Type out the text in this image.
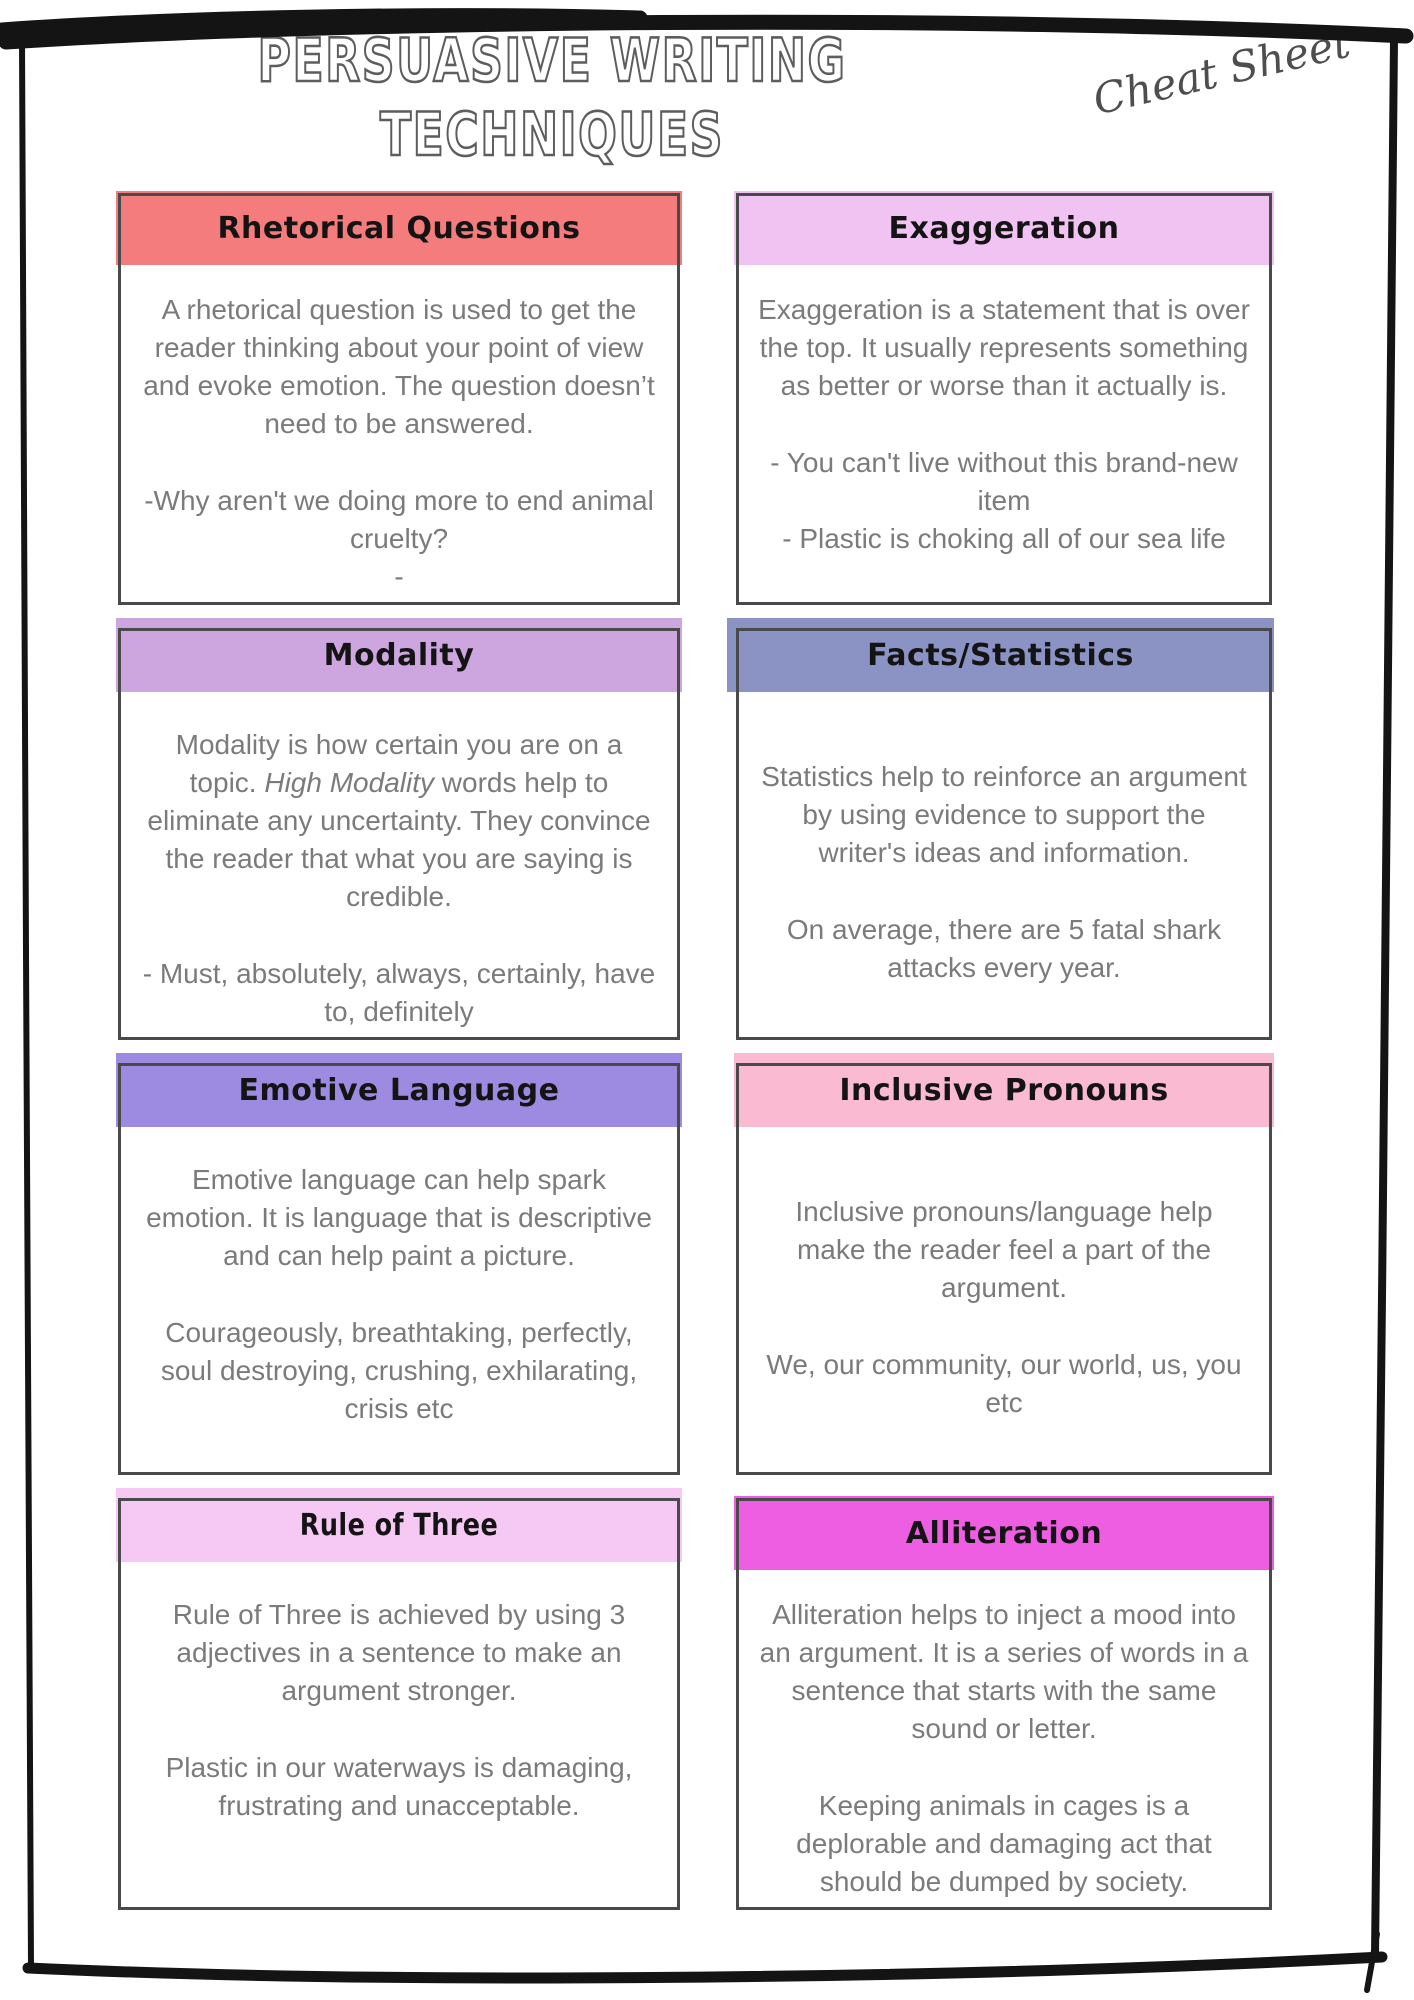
PERSUASIVE WRITING
TECHNIQUES
Cheat Sheet
Rhetorical Questions

A rhetorical question is used to get the reader thinking about your point of view and evoke emotion. The question doesn’t need to be answered.

-Why aren't we doing more to end animal cruelty?

-

Exaggeration

Exaggeration is a statement that is over the top. It usually represents something as better or worse than it actually is.

- You can't live without this brand-new item

- Plastic is choking all of our sea life

Modality

Modality is how certain you are on a topic. High Modality words help to eliminate any uncertainty. They convince the reader that what you are saying is credible.

- Must, absolutely, always, certainly, have to, definitely

Facts/Statistics

Statistics help to reinforce an argument by using evidence to support the writer's ideas and information.

On average, there are 5 fatal shark attacks every year.

Emotive Language

Emotive language can help spark emotion. It is language that is descriptive and can help paint a picture.

Courageously, breathtaking, perfectly, soul destroying, crushing, exhilarating, crisis etc

Inclusive Pronouns

Inclusive pronouns/language help make the reader feel a part of the argument.

We, our community, our world, us, you etc

Rule of Three

Rule of Three is achieved by using 3 adjectives in a sentence to make an argument stronger.

Plastic in our waterways is damaging, frustrating and unacceptable.

Alliteration

Alliteration helps to inject a mood into an argument. It is a series of words in a sentence that starts with the same sound or letter.

Keeping animals in cages is a deplorable and damaging act that should be dumped by society.
